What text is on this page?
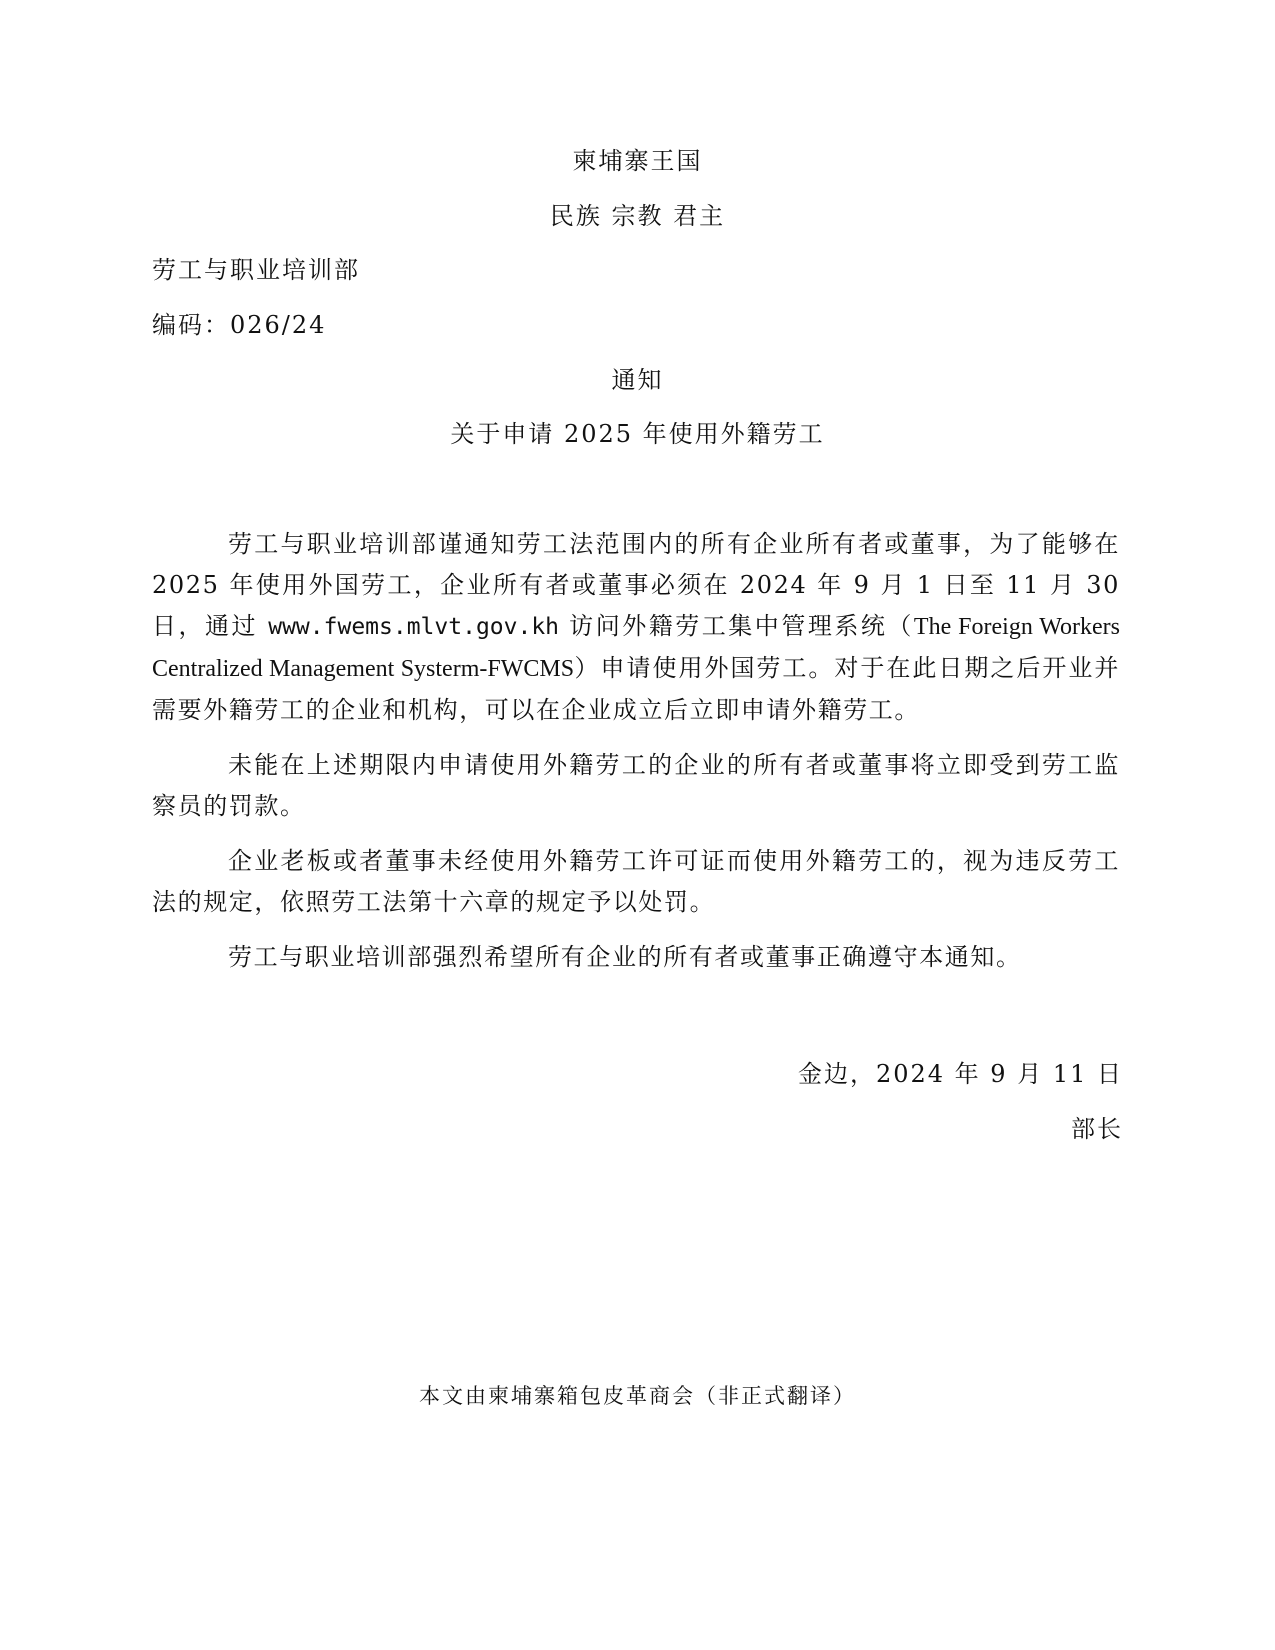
柬埔寨王国
民族 宗教 君主
劳工与职业培训部
编码：026/24
通知
关于申请 2025 年使用外籍劳工

劳工与职业培训部谨通知劳工法范围内的所有企业所有者或董事，为了能够在 2025 年使用外国劳工，企业所有者或董事必须在 2024 年 9 月 1 日至 11 月 30 日，通过 www.fwems.mlvt.gov.kh 访问外籍劳工集中管理系统（The Foreign Workers Centralized Management Systerm-FWCMS）申请使用外国劳工。对于在此日期之后开业并需要外籍劳工的企业和机构，可以在企业成立后立即申请外籍劳工。

未能在上述期限内申请使用外籍劳工的企业的所有者或董事将立即受到劳工监察员的罚款。

企业老板或者董事未经使用外籍劳工许可证而使用外籍劳工的，视为违反劳工法的规定，依照劳工法第十六章的规定予以处罚。

劳工与职业培训部强烈希望所有企业的所有者或董事正确遵守本通知。

金边，2024 年 9 月 11 日
部长
本文由柬埔寨箱包皮革商会（非正式翻译）
